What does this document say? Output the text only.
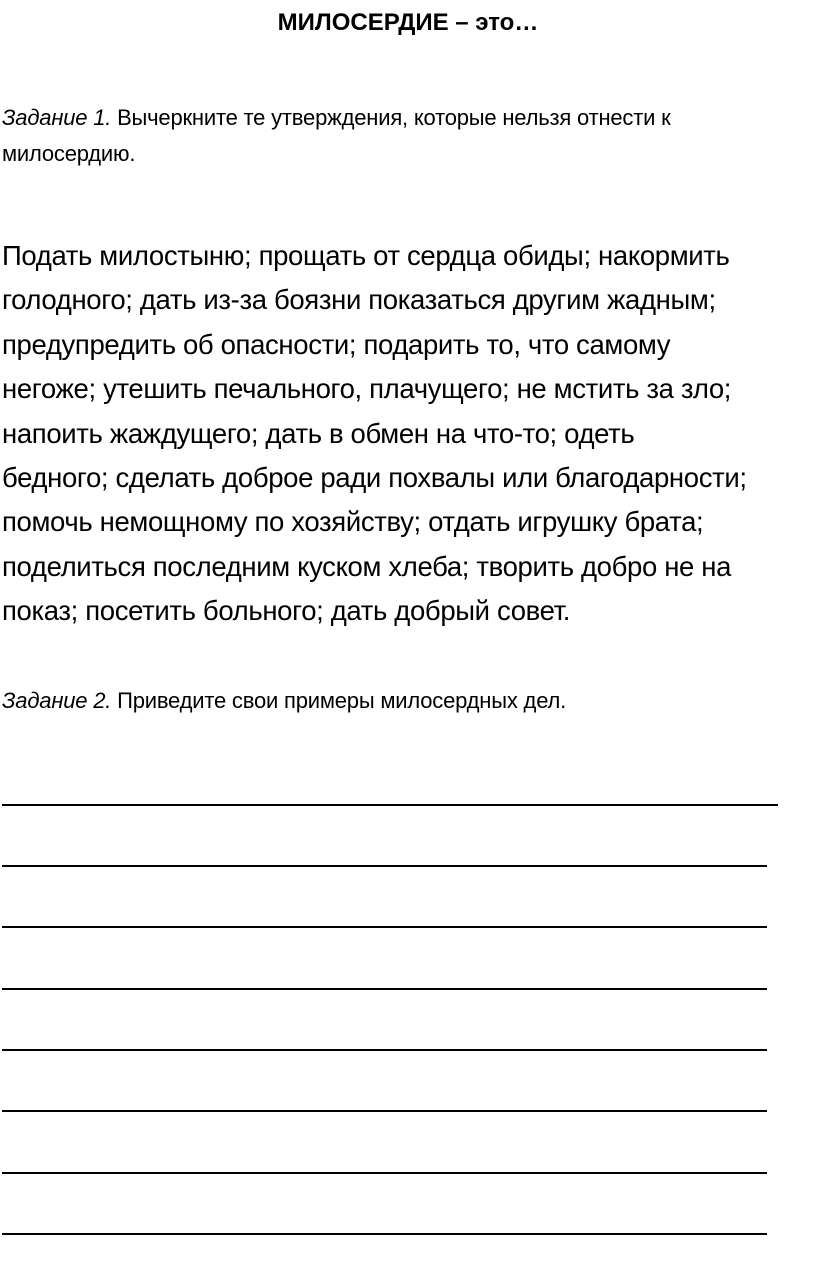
МИЛОСЕРДИЕ – это…
Задание 1. Вычеркните те утверждения, которые нельзя отнести к милосердию.
Подать милостыню; прощать от сердца обиды; накормить
голодного; дать из-за боязни показаться другим жадным;
предупредить об опасности; подарить то, что самому
негоже; утешить печального, плачущего; не мстить за зло;
напоить жаждущего; дать в обмен на что-то; одеть
бедного; сделать доброе ради похвалы или благодарности;
помочь немощному по хозяйству; отдать игрушку брата;
поделиться последним куском хлеба; творить добро не на
показ; посетить больного; дать добрый совет.
Задание 2. Приведите свои примеры милосердных дел.
